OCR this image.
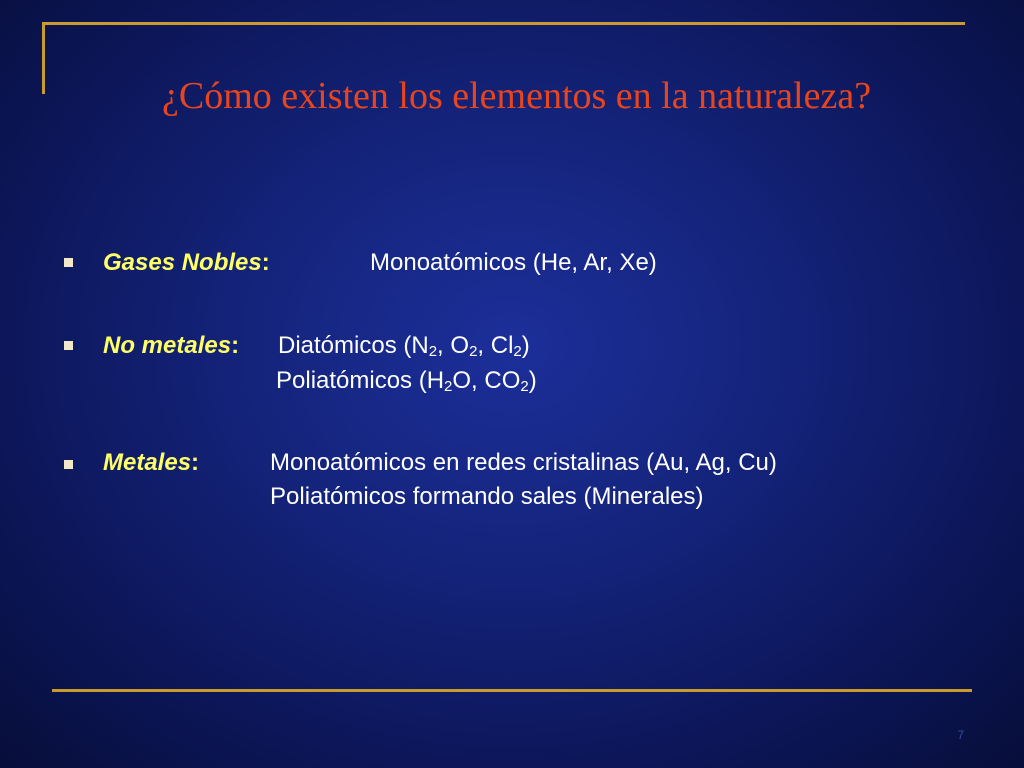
¿Cómo existen los elementos en la naturaleza?
Gases Nobles:	Monoatómicos (He, Ar, Xe)
No metales: Diatómicos ($N_2$, $O_2$, $Cl_2$)
Poliatómicos ($H_2O$, $CO_2$)
Metales:	Monoatómicos en redes cristalinas (Au, Ag, Cu)
Poliatómicos formando sales (Minerales)
7
